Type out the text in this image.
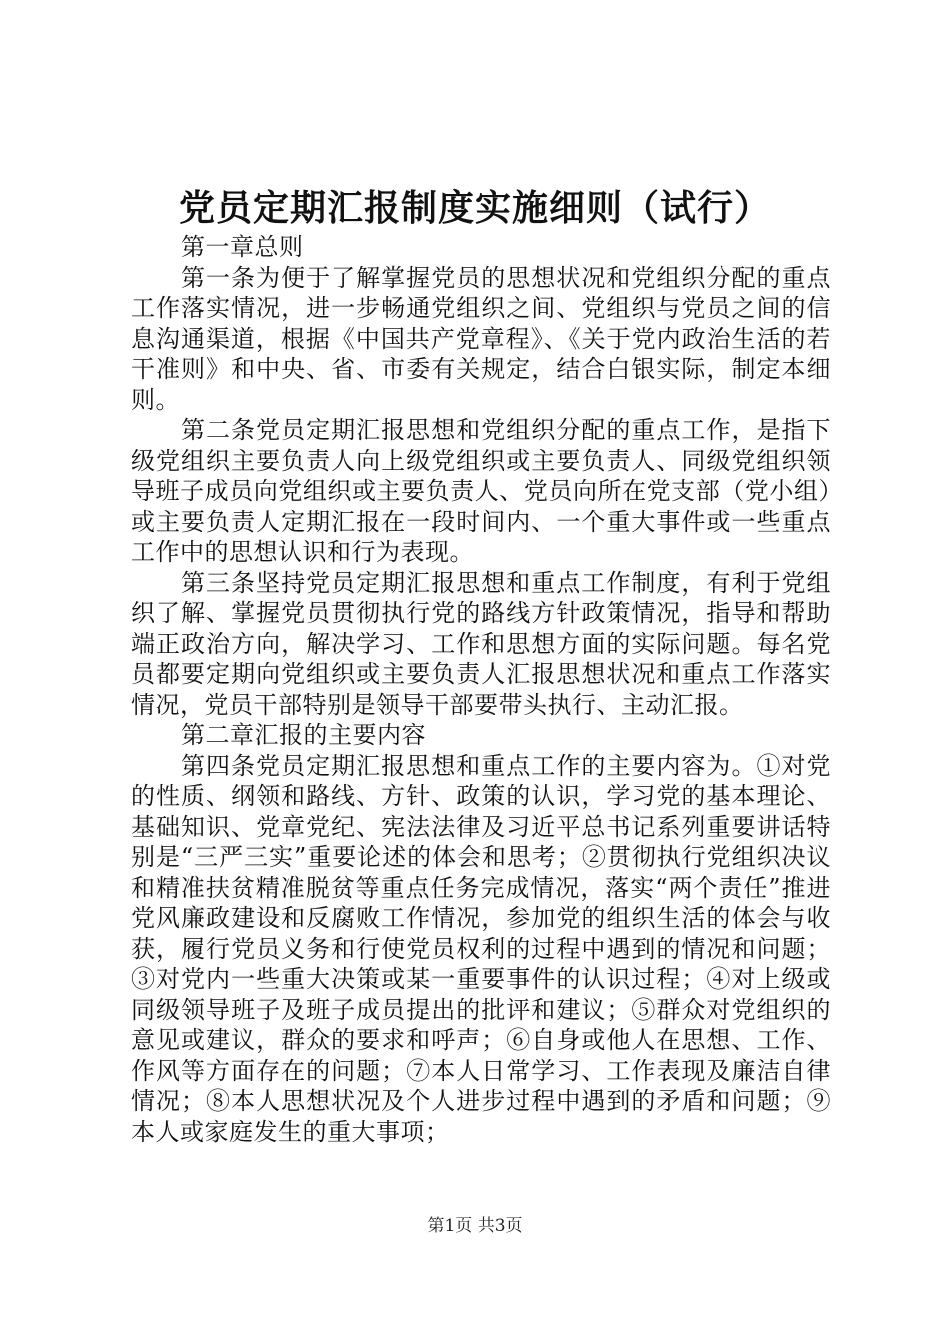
党员定期汇报制度实施细则（试行）

第一章总则

第一条为便于了解掌握党员的思想状况和党组织分配的重点工作落实情况，进一步畅通党组织之间、党组织与党员之间的信息沟通渠道，根据《中国共产党章程》、《关于党内政治生活的若干准则》和中央、省、市委有关规定，结合白银实际，制定本细则。

第二条党员定期汇报思想和党组织分配的重点工作，是指下级党组织主要负责人向上级党组织或主要负责人、同级党组织领导班子成员向党组织或主要负责人、党员向所在党支部（党小组）或主要负责人定期汇报在一段时间内、一个重大事件或一些重点工作中的思想认识和行为表现。

第三条坚持党员定期汇报思想和重点工作制度，有利于党组织了解、掌握党员贯彻执行党的路线方针政策情况，指导和帮助端正政治方向，解决学习、工作和思想方面的实际问题。每名党员都要定期向党组织或主要负责人汇报思想状况和重点工作落实情况，党员干部特别是领导干部要带头执行、主动汇报。

第二章汇报的主要内容

第四条党员定期汇报思想和重点工作的主要内容为。①对党的性质、纲领和路线、方针、政策的认识，学习党的基本理论、基础知识、党章党纪、宪法法律及习近平总书记系列重要讲话特别是“三严三实”重要论述的体会和思考；②贯彻执行党组织决议和精准扶贫精准脱贫等重点任务完成情况，落实“两个责任”推进党风廉政建设和反腐败工作情况，参加党的组织生活的体会与收获，履行党员义务和行使党员权利的过程中遇到的情况和问题；③对党内一些重大决策或某一重要事件的认识过程；④对上级或同级领导班子及班子成员提出的批评和建议；⑤群众对党组织的意见或建议，群众的要求和呼声；⑥自身或他人在思想、工作、作风等方面存在的问题；⑦本人日常学习、工作表现及廉洁自律情况；⑧本人思想状况及个人进步过程中遇到的矛盾和问题；⑨本人或家庭发生的重大事项；

第1页 共3页
